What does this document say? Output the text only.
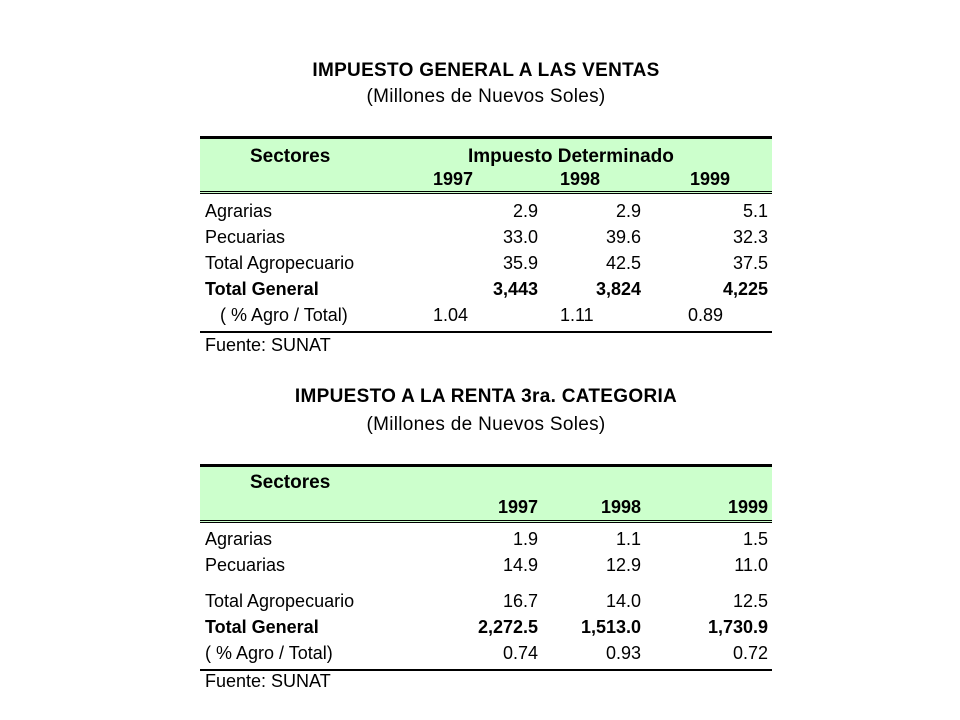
IMPUESTO GENERAL A LAS VENTAS
(Millones de Nuevos Soles)
Sectores	Impuesto Determinado
1997	1998	1999
Agrarias	2.9	2.9	5.1
Pecuarias	33.0	39.6	32.3
Total Agropecuario	35.9	42.5	37.5
Total General	3,443	3,824	4,225
( % Agro / Total)	1.04	1.11	0.89
Fuente: SUNAT
IMPUESTO A LA RENTA 3ra. CATEGORIA
(Millones de Nuevos Soles)
Sectores
1997	1998	1999
Agrarias	1.9	1.1	1.5
Pecuarias	14.9	12.9	11.0
Total Agropecuario	16.7	14.0	12.5
Total General	2,272.5 1,513.0	1,730.9
( % Agro / Total)	0.74	0.93	0.72
Fuente: SUNAT
